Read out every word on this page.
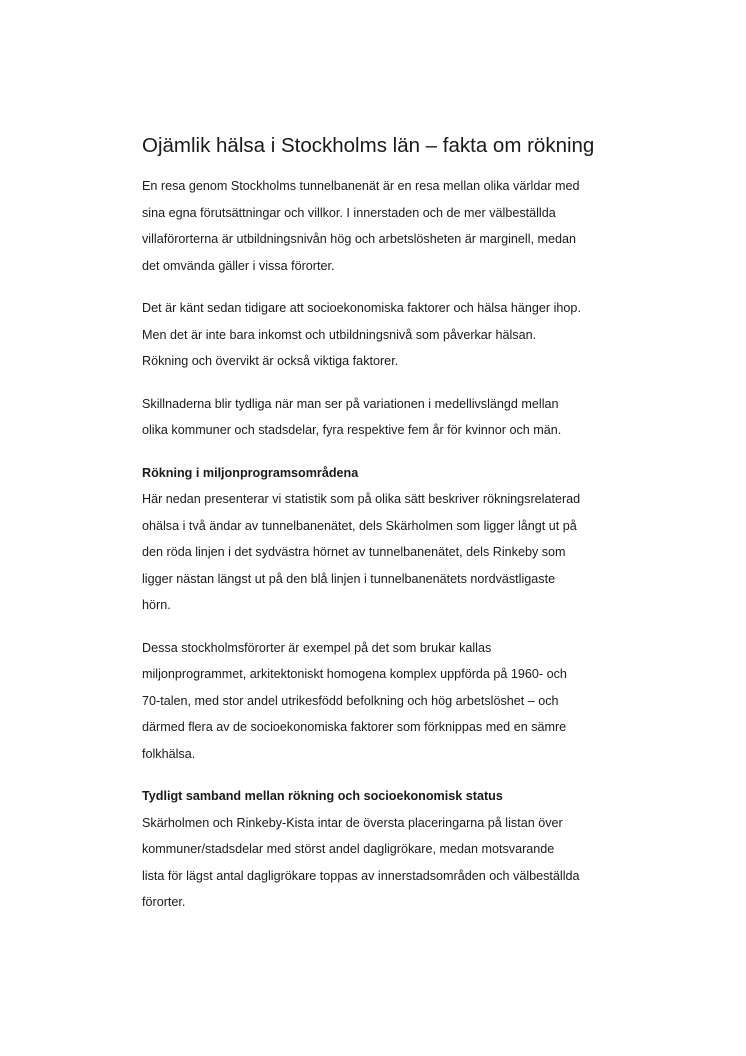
Ojämlik hälsa i Stockholms län – fakta om rökning

En resa genom Stockholms tunnelbanenät är en resa mellan olika världar med
sina egna förutsättningar och villkor. I innerstaden och de mer välbeställda
villaförorterna är utbildningsnivån hög och arbetslösheten är marginell, medan
det omvända gäller i vissa förorter.

Det är känt sedan tidigare att socioekonomiska faktorer och hälsa hänger ihop.
Men det är inte bara inkomst och utbildningsnivå som påverkar hälsan.
Rökning och övervikt är också viktiga faktorer.

Skillnaderna blir tydliga när man ser på variationen i medellivslängd mellan
olika kommuner och stadsdelar, fyra respektive fem år för kvinnor och män.

Rökning i miljonprogramsområdena
Här nedan presenterar vi statistik som på olika sätt beskriver rökningsrelaterad
ohälsa i två ändar av tunnelbanenätet, dels Skärholmen som ligger långt ut på
den röda linjen i det sydvästra hörnet av tunnelbanenätet, dels Rinkeby som
ligger nästan längst ut på den blå linjen i tunnelbanenätets nordvästligaste
hörn.

Dessa stockholmsförorter är exempel på det som brukar kallas
miljonprogrammet, arkitektoniskt homogena komplex uppförda på 1960- och
70-talen, med stor andel utrikesfödd befolkning och hög arbetslöshet – och
därmed flera av de socioekonomiska faktorer som förknippas med en sämre
folkhälsa.

Tydligt samband mellan rökning och socioekonomisk status
Skärholmen och Rinkeby-Kista intar de översta placeringarna på listan över
kommuner/stadsdelar med störst andel dagligrökare, medan motsvarande
lista för lägst antal dagligrökare toppas av innerstadsområden och välbeställda
förorter.
